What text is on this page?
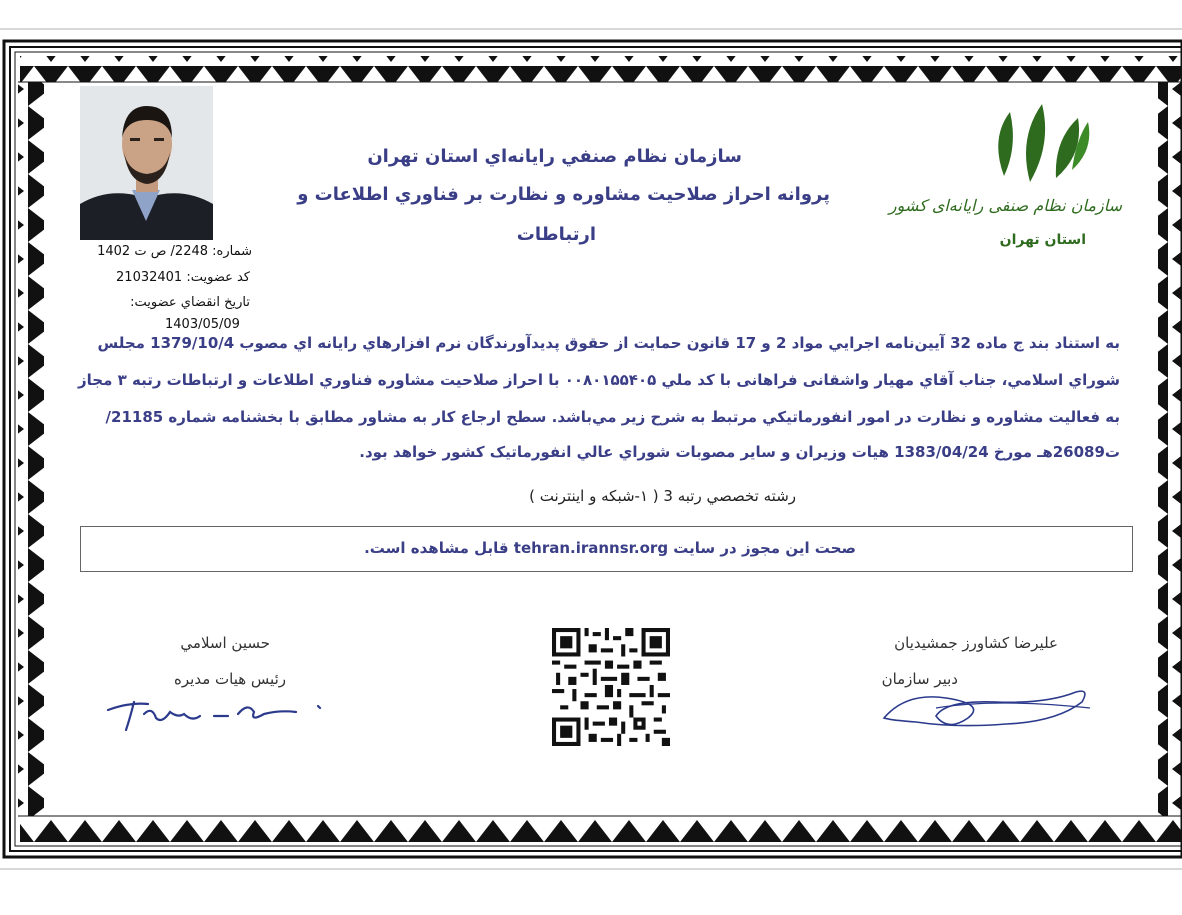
شماره: 2248/ ص ت 1402
کد عضويت: 21032401
تاريخ انقضاي عضويت:
1403/05/09
سازمان نظام صنفي رايانه‌اي استان تهران
پروانه احراز صلاحيت مشاوره و نظارت بر فناوري اطلاعات و
ارتباطات
سازمان نظام صنفی رایانه‌ای کشور
استان تهران
به استناد بند ج ماده 32 آيين‌نامه اجرايي مواد 2 و 17 قانون حمايت از حقوق پديدآورندگان نرم افزارهاي رايانه اي مصوب 1379/10/4 مجلس
شوراي اسلامي، جناب آقاي مهيار واشقانی فراهانی با کد ملي ۰۰۸۰۱۵۵۴۰۵ با احراز صلاحيت مشاوره فناوري اطلاعات و ارتباطات رتبه ۳ مجاز
به فعاليت مشاوره و نظارت در امور انفورماتيكي مرتبط به شرح زير مي‌باشد. سطح ارجاع کار به مشاور مطابق با بخشنامه شماره 21185/
ت26089هـ مورخ 1383/04/24 هيات وزيران و ساير مصوبات شوراي عالي انفورماتيک کشور خواهد بود.
رشته تخصصي رتبه 3 ( ۱-شبکه و اينترنت )
صحت اين مجوز در سايت tehran.irannsr.org قابل مشاهده است.
حسين اسلامي
رئيس هيات مديره
عليرضا کشاورز جمشيديان
دبير سازمان
